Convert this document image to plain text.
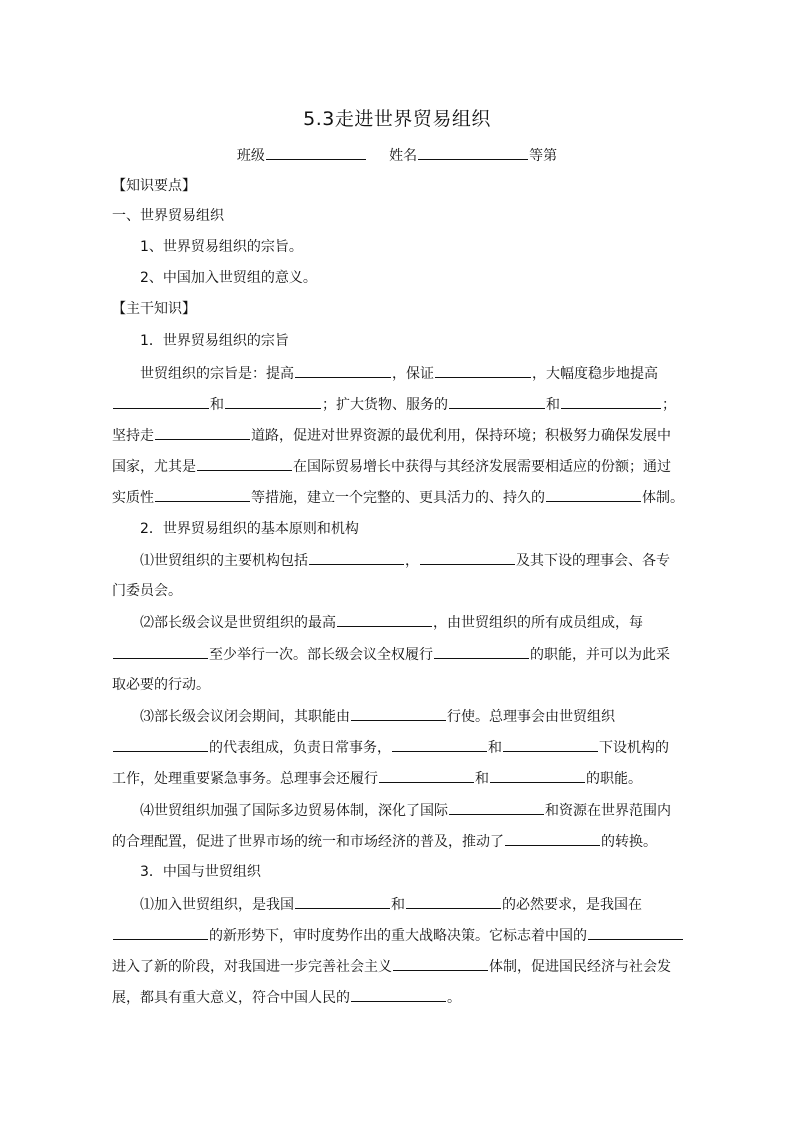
5.3走进世界贸易组织
班级	姓名	等第
【知识要点】
一、世界贸易组织
1、世界贸易组织的宗旨。
2、中国加入世贸组的意义。
【主干知识】
1．世界贸易组织的宗旨
世贸组织的宗旨是：提高	，保证	，大幅度稳步地提高
和	；扩大货物、服务的	和	；
坚持走	道路，促进对世界资源的最优利用，保持环境；积极努力确保发展中
国家，尤其是	在国际贸易增长中获得与其经济发展需要相适应的份额；通过
实质性	等措施，建立一个完整的、更具活力的、持久的	体制。
2．世界贸易组织的基本原则和机构
⑴世贸组织的主要机构包括	，	及其下设的理事会、各专
门委员会。
⑵部长级会议是世贸组织的最高	，由世贸组织的所有成员组成，每
至少举行一次。部长级会议全权履行	的职能，并可以为此采
取必要的行动。
⑶部长级会议闭会期间，其职能由	行使。总理事会由世贸组织
的代表组成，负责日常事务，	和	下设机构的
工作，处理重要紧急事务。总理事会还履行	和	的职能。
⑷世贸组织加强了国际多边贸易体制，深化了国际	和资源在世界范围内
的合理配置，促进了世界市场的统一和市场经济的普及，推动了	的转换。
3．中国与世贸组织
⑴加入世贸组织，是我国	和	的必然要求，是我国在
的新形势下，审时度势作出的重大战略决策。它标志着中国的
进入了新的阶段，对我国进一步完善社会主义	体制，促进国民经济与社会发
展，都具有重大意义，符合中国人民的	。
